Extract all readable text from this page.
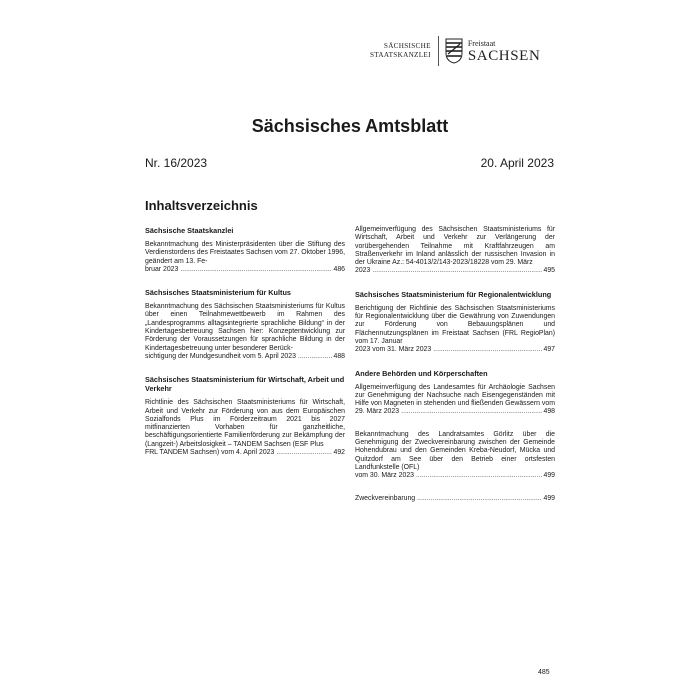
SÄCHSISCHE
STAATSKANZLEI
Freistaat
SACHSEN
Sächsisches Amtsblatt
Nr. 16/2023	20. April 2023
Inhaltsverzeichnis
Sächsische Staatskanzlei
Bekanntmachung des Ministerpräsidenten über die Stiftung des Verdienstordens des Freistaates Sachsen vom 27. Oktober 1996, geändert am 13. Fe-
bruar 2023 .....	486
Sächsisches Staatsministerium für Kultus
Bekanntmachung des Sächsischen Staatsministeriums für Kultus über einen Teilnahmewettbewerb im Rahmen des „Landesprogramms alltagsintegrierte sprachliche Bildung“ in der Kindertagesbetreuung Sachsen hier: Konzeptentwicklung zur Förderung der Voraussetzungen für sprachliche Bildung in der Kindertagesbetreuung unter besonderer Berück-
sichtigung der Mundgesundheit vom 5. April 2023 .....	488
Sächsisches Staatsministerium für Wirtschaft, Arbeit und Verkehr
Richtlinie des Sächsischen Staatsministeriums für Wirtschaft, Arbeit und Verkehr zur Förderung von aus dem Europäischen Sozialfonds Plus im Förderzeitraum 2021 bis 2027 mitfinanzierten Vorhaben für ganzheitliche, beschäftigungsorientierte Familienförderung zur Bekämpfung der (Langzeit-) Arbeitslosigkeit – TANDEM Sachsen (ESF Plus
FRL TANDEM Sachsen) vom 4. April 2023 .....	492
Allgemeinverfügung des Sächsischen Staatsministeriums für Wirtschaft, Arbeit und Verkehr zur Verlängerung der vorübergehenden Teilnahme mit Kraftfahrzeugen am Straßenverkehr im Inland anlässlich der russischen Invasion in der Ukraine Az.: 54-4013/2/143-2023/18228 vom 29. März
2023 .....	495
Sächsisches Staatsministerium für Regionalentwicklung
Berichtigung der Richtlinie des Sächsischen Staatsministeriums für Regionalentwicklung über die Gewährung von Zuwendungen zur Förderung von Bebauungsplänen und Flächennutzungsplänen im Freistaat Sachsen (FRL RegioPlan) vom 17. Januar
2023 vom 31. März 2023 .....	497
Andere Behörden und Körperschaften
Allgemeinverfügung des Landesamtes für Archäologie Sachsen zur Genehmigung der Nachsuche nach Eisengegenständen mit Hilfe von Magneten in stehenden und fließenden Gewässern vom
29. März 2023 .....	498
Bekanntmachung des Landratsamtes Görlitz über die Genehmigung der Zweckvereinbarung zwischen der Gemeinde Hohendubrau und den Gemeinden Kreba-Neudorf, Mücka und Quitzdorf am See über den Betrieb einer ortsfesten Landfunkstelle (OFL)
vom 30. März 2023 .....	499
Zweckvereinbarung .....	499
485
